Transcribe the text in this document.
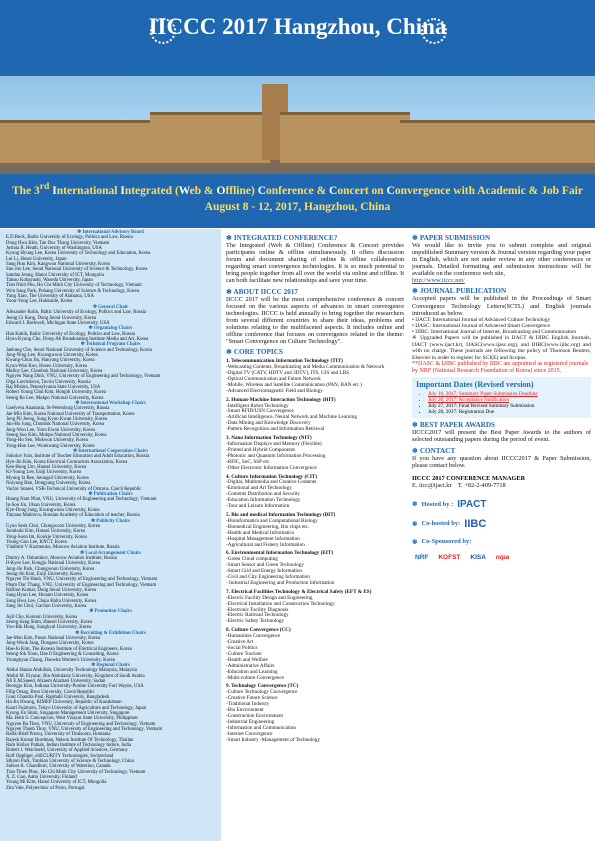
IICCC 2017 Hangzhou, China
The 3rd International Integrated (Web & Offline) Conference & Concert on Convergence with Academic & Job Fair
August 8 - 12, 2017, Hangzhou, China
❄ International Advisory Board
E.D.Beck, Baltic University of Ecology, Politics and Law, Russia
Dong Hwa Kim, Tan Duc Thang University, Vietnam
Joshua B. Heath, University of Washington, USA
Kyung Hyung Lee, Korea University of Technology and Education, Korea
Lei Li, Hosei University, Japan
Sang Hun Kim, Kangwon National University, Korea
Sun Joo Lee, Seoul National University of Science & Technology, Korea
Sandan Jeong, Hanoi University of ICT, Mongolia
Tatsuo Kobayashi, Waseda University, Japan
Tran Ninh Phu, Ho Chi Minh City University of Technology, Vietnam
Won Sang Park, Pohang University of Science & Technology, Korea
Yang Xiao, The University of Alabama, USA
Yoon-Yong Lee, Hokkaido, Korea
❄ General Chair
Alexander Rolin, Baltic University of Ecology, Politics and Law, Russia
Jeong Gi Kang, Dong Seoul University, Korea
Edward J. Rothwell, Michigan State University, USA
❄ Organizing Chairs
Han Kahih, Baltic University of Ecology, Politics and Law, Russia
Hyun Kyung Cho, Dong-Ah Broadcasting Institute Media and Art, Korea
❄ Technical Program Chairs
Jaehung Cho, Seoul National University of Science and Technology, Korea
Jong-Ning Lee, Kwangwoon University, Korea
Kwang-Chun Jin, Hanyang University, Korea
Kyun-Wan Koo, Hoseo University, Korea
Malloy Lee, Chonbuk National University, Korea
Nguyen Nang Dinh, VNU, University of Engineering and Technology, Vietnam
Olga Lavrinkova, Tavrin University, Russia
Raj Mishra, Pennsylvania State University, USA
Robert Young Chul Kim, Hongik University, Korea
Seong Ro Lee, Mokpo National University, Korea
❄ International Workshop Chairs
Gaelyeva Anastasia, St-Petersburg University, Russia
Jae-Min Kim, Korea National University of Transportation, Korea
Jong Pil Jeong, Sung Kyun Kwan University, Korea
Jun-Ho Jung, Chonbuk National University, Korea
Jung-Won Lee, Yoon Ewon University, Korea
Seung Soo Kim, Mokpo National University, Korea
Yong-Ho Seo, Mokwon University, Korea
Yong-Hun Lee, Wonkwang University, Korea
❄ International Cooperation Chairs
Sokolov Ivan, Institute of Teacher Education and Adult Education, Russia
Hyo-Jin Kim, Korea Electrical Contractors Association, Korea
Kee-Hong Um, Hansei University, Korea
Ki-Young Lee, Eulji University, Korea
Myung Ja Ree, Seongsil University, Korea
Noiyong Han, Dongyang University, Korea
Vaclav Snasel, VSB-Technical University of Ostrava, Czech Republic
❄ Publication Chairs
Hoang Nam Nhat, VNU, University of Engineering and Technology, Vietnam
In-Soo Jin, Ulsan University, Korea
Kye-Dong Jung, Kwangwoon University, Korea
Tatyana Makhova, Russian Academy of Education of teacher, Russia
❄ Publicity Chairs
Gyoo Seok Choi, Chungwoon University, Korea
Joonhoki Kim, Hansei University, Korea
Yong-Soon Im, Kookje University, Korea
Young-Gon Lee, KNCT, Korea
Vladimir V Kuzmenko, Moscow Aviation Institute, Russia
❄ Local Arrangement Chairs
Dmitry A. Oshumkov, Moscow Aviation Institute, Russia
Il-Kyeo Lee, Kongju National University, Korea
Jong-Jin Park, Chungwoon University, Korea
Jeong-Jin Kim, Eulji University, Korea
Nguyen Thi Hanh, VNU, University of Engineering and Technology, Vietnam
Pham Duc Thang, VNU, University of Engineering and Technology, Vietnam
Rafiiun Kumar, Dong Seoul University, Korea
Sang Hyon Lee, Honam University, Korea
Sung Hwa Lee, Chuju Halla University, Korea
Sang Jin Choi, Gachon University, Korea
❄ Promotion Chairs
Jojil Cho, Konnon University, Korea
Seong-Sang Shim, Hansei University, Korea
Yoo-Bik Hong, Sungkyul University, Korea
❄ Recruiting & Exhibition Chairs
Jae-Man Kim, Pusan National University, Korea
Jong-Wook Jang, Dongseo University, Korea
Hae-Ju Kim, The Korean Institute of Electrical Engineers, Korea
Seong-Sik Yoon, Dae Il Engineering & Consulting, Korea
Youngkyun Chang, Daewha Women's University, Korea
❄ Regional Chairs
Abdul Hanan Abdullah, University Technology Malaysia, Malaysia
Abdul M. Elyazar, Bin Abdulaziz University, Kingdom of Saudi Arabia
Ali E.M.Saeed, Alzaem Alazhari University, Sudan
Beongju Kim, Indiana University-Purdue University Fort Wayne, USA
Filip Orsag, Brno University, Czech Republic
Gour Chandra Paul, Rajshahi University, Bangladesh
Ha-Jin Hwang, KIMEP University, Republic of Kazakhstan
Kauri Fujimoto, Tokyo University of Agriculture and Technology, Japan
Kyong Jin Shim, Singapore Management University, Singapore
Ma. Beth S. Concepcion, West Visayas State University, Philippines
Nguyen Ba Thao, VNU, University of Engineering and Technology, Vietnam
Nguyen Thanh Thuy, VNU, University of Engineering and Technology, Vietnam
Rafik-Brief Prezoj, University of Timisoara, Romania
Rajesh Kumar Burdman, Nelson Institute Of Technology, Thailan
Ram Kishor Pathak, Indian Institute of Technology Indore, India
Robert J. Weichseld, University of Applied Sciences, Germany
Rolf Oppliger, eSECURITY Technologies, Switzerland
Sihyun Park, Yanbian University of Science & Technology, China
Subost K. Chaudhuri, University of Waterloo, Canada
Tran Thien Phuc, Ho Chi Minh City University of Technology, Vietnam
X. Z. Gao, Aalto University, Finland
Young Mi Kim, Hanoi University of ICT, Mongolia
Zita Vale, Polytechnic of Porto, Portugal
❄ INTEGRATED CONFERENCE?
The Integrated (Web & Offline) Conference & Concert provides participants online & offline simultaneously. It offers discussion forum and document sharing of online & offline collaboration regarding smart convergence technologies. It is so much potential to bring people together from all over the world via online and offline. It can both facilitate new relationships and save your time.
❄ ABOUT IICCC 2017
IICCC 2017 will be the most comprehensive conference & concert focused on the various aspects of advances in smart convergence technologies. IICCC is held annually to bring together the researchers from several different countries to share their ideas, problems and solutions relating to the multifaceted aspects. It includes online and offline conference that focuses on convergence related to the theme: "Smart Convergence on Culture Technology".
❄ CORE TOPICS
1. Telecommunication Information Technology (TIT)
-Webcasting Contents, Broadcasting and Media Communication & Network
-Digital TV (CATV, HDTV and 3DTV), ITS, GIS and LBS
-Optical Communication and Future Network
-Mobile, Wireless and Satellite Communication (PAN, BAN etc.)
-Advanced Electromagnetic Field and Biology
2. Human-Machine Interaction Technology (HIT)
-Intelligent Robot Technology
-Smart RFID/USN Convergence
-Artificial Intelligence, Neural Network and Machine Learning
-Data Mining and Knowledge Discovery
-Pattern Recognition and Information Retrieval
3. Nano Information Technology (NIT)
-Information Displays and Memory (Flexible)
-Printed and Hybrid Components
-Photonic and Quantum Information Processing
-RFIC, SoC, SSP etc.
-Other Electronic Information Convergence
4. Culture Information Technology (CIT)
-Digital, Multimedia and Creative Contents
-Emotional and Art Technology
-Contents Distribution and Security
-Education Information Technology
-Tour and Leisure Information
5. Bio and medical Information Technology (BIT)
-Bioinformatics and Computational Biology
-Biomedical Engineering, Bio chips etc.
-Health and Medical Informatics
-Hospital Management Information
-Agricultural and Fishery Information
6. Environmental Information Technology (EIT)
-Green Cloud computing
-Smart Sensor and Green Technology
-Smart Grid and Energy Information
-Civil and City Engineering Information
- Industrial Engineering and Production Information
7. Electrical Facilities Technology & Electrical Safety (EFT & ES)
-Electric Facility Design and Engineering
-Electrical Installation and Construction Technology
-Electronic Facility Diagnosis
-Electric Railroad Technology
-Electric Safety Technology
8. Culture Convergence (CC)
-Humanities Convergence
-Creative Art
-Social Politics
-Culture Tourism
-Health and Welfare
-Administrative Affairs
-Education and Learning
-Multi-culture Convergence
9. Technology Convergence (TC)
-Culture Technology Convergence
-Creative Future Science
-Traditional Industry
-Bio Environment
-Construction Environment
-Industrial Engineering
-Information and Communication
-Internet Convergence
-Smart Industry -Management of Technology
❄ PAPER SUBMISSION
We would like to invite you to submit complete and original unpublished Summary version & Journal version regarding your paper in English, which are not under review in any other conferences or journals. Detailed formatting and submission instructions will be available on the conference web site,
http://www.iiccc.net/
❄ JOURNAL PUBLICATION
Accepted papers will be published in the Proceedings of Smart Convergence Technology Letters(SCTL) and English journals introduced as below.
• IJACT: International Journal of Advanced Culture Technology
• IJASC: International Journal of Advanced Smart Convergence
• IJIBC: International Journal of Internet, Broadcasting and Communication
※ Upgraded Papers will be published in IJACT & IJIBC English Journals, IJACT (www.ijact.kr), IJASC(www.ijasc.org), and IJIBC(www.ijibc.org) and with no charge. These journals are following the policy of Thomson Reuters, Elsevier in order to register for SCI(E) and Scopus.
**IJASC & IJIBC published by IIBC are appointed as registered journals by NRF (National Research Foundation of Korea) since 2015.
Important Dates (Revised version)
• July 16, 2017: Summary Paper Submission Deadline
• July 20, 2017: Acceptance Notification
• July 27, 2017: Final Revised Summary Submission
• July 28, 2017: Registration Due
❄ BEST PAPER AWARDS
IICCC2017 will present the Best Paper Awards to the authors of selected outstanding papers during the period of event.
❄ CONTACT
If you have any question about IICCC2017 & Paper Submission, please contact below.
IICCC 2017 CONFERENCE MANAGER
E. iicc@ijact.kr T. +82-2-409-7718
❄ Hosted by : IPACT
❄ Co-hosted by: IIBC
❄ Co-Sponsored by:
NRF	KOFST	KISA	nipa
